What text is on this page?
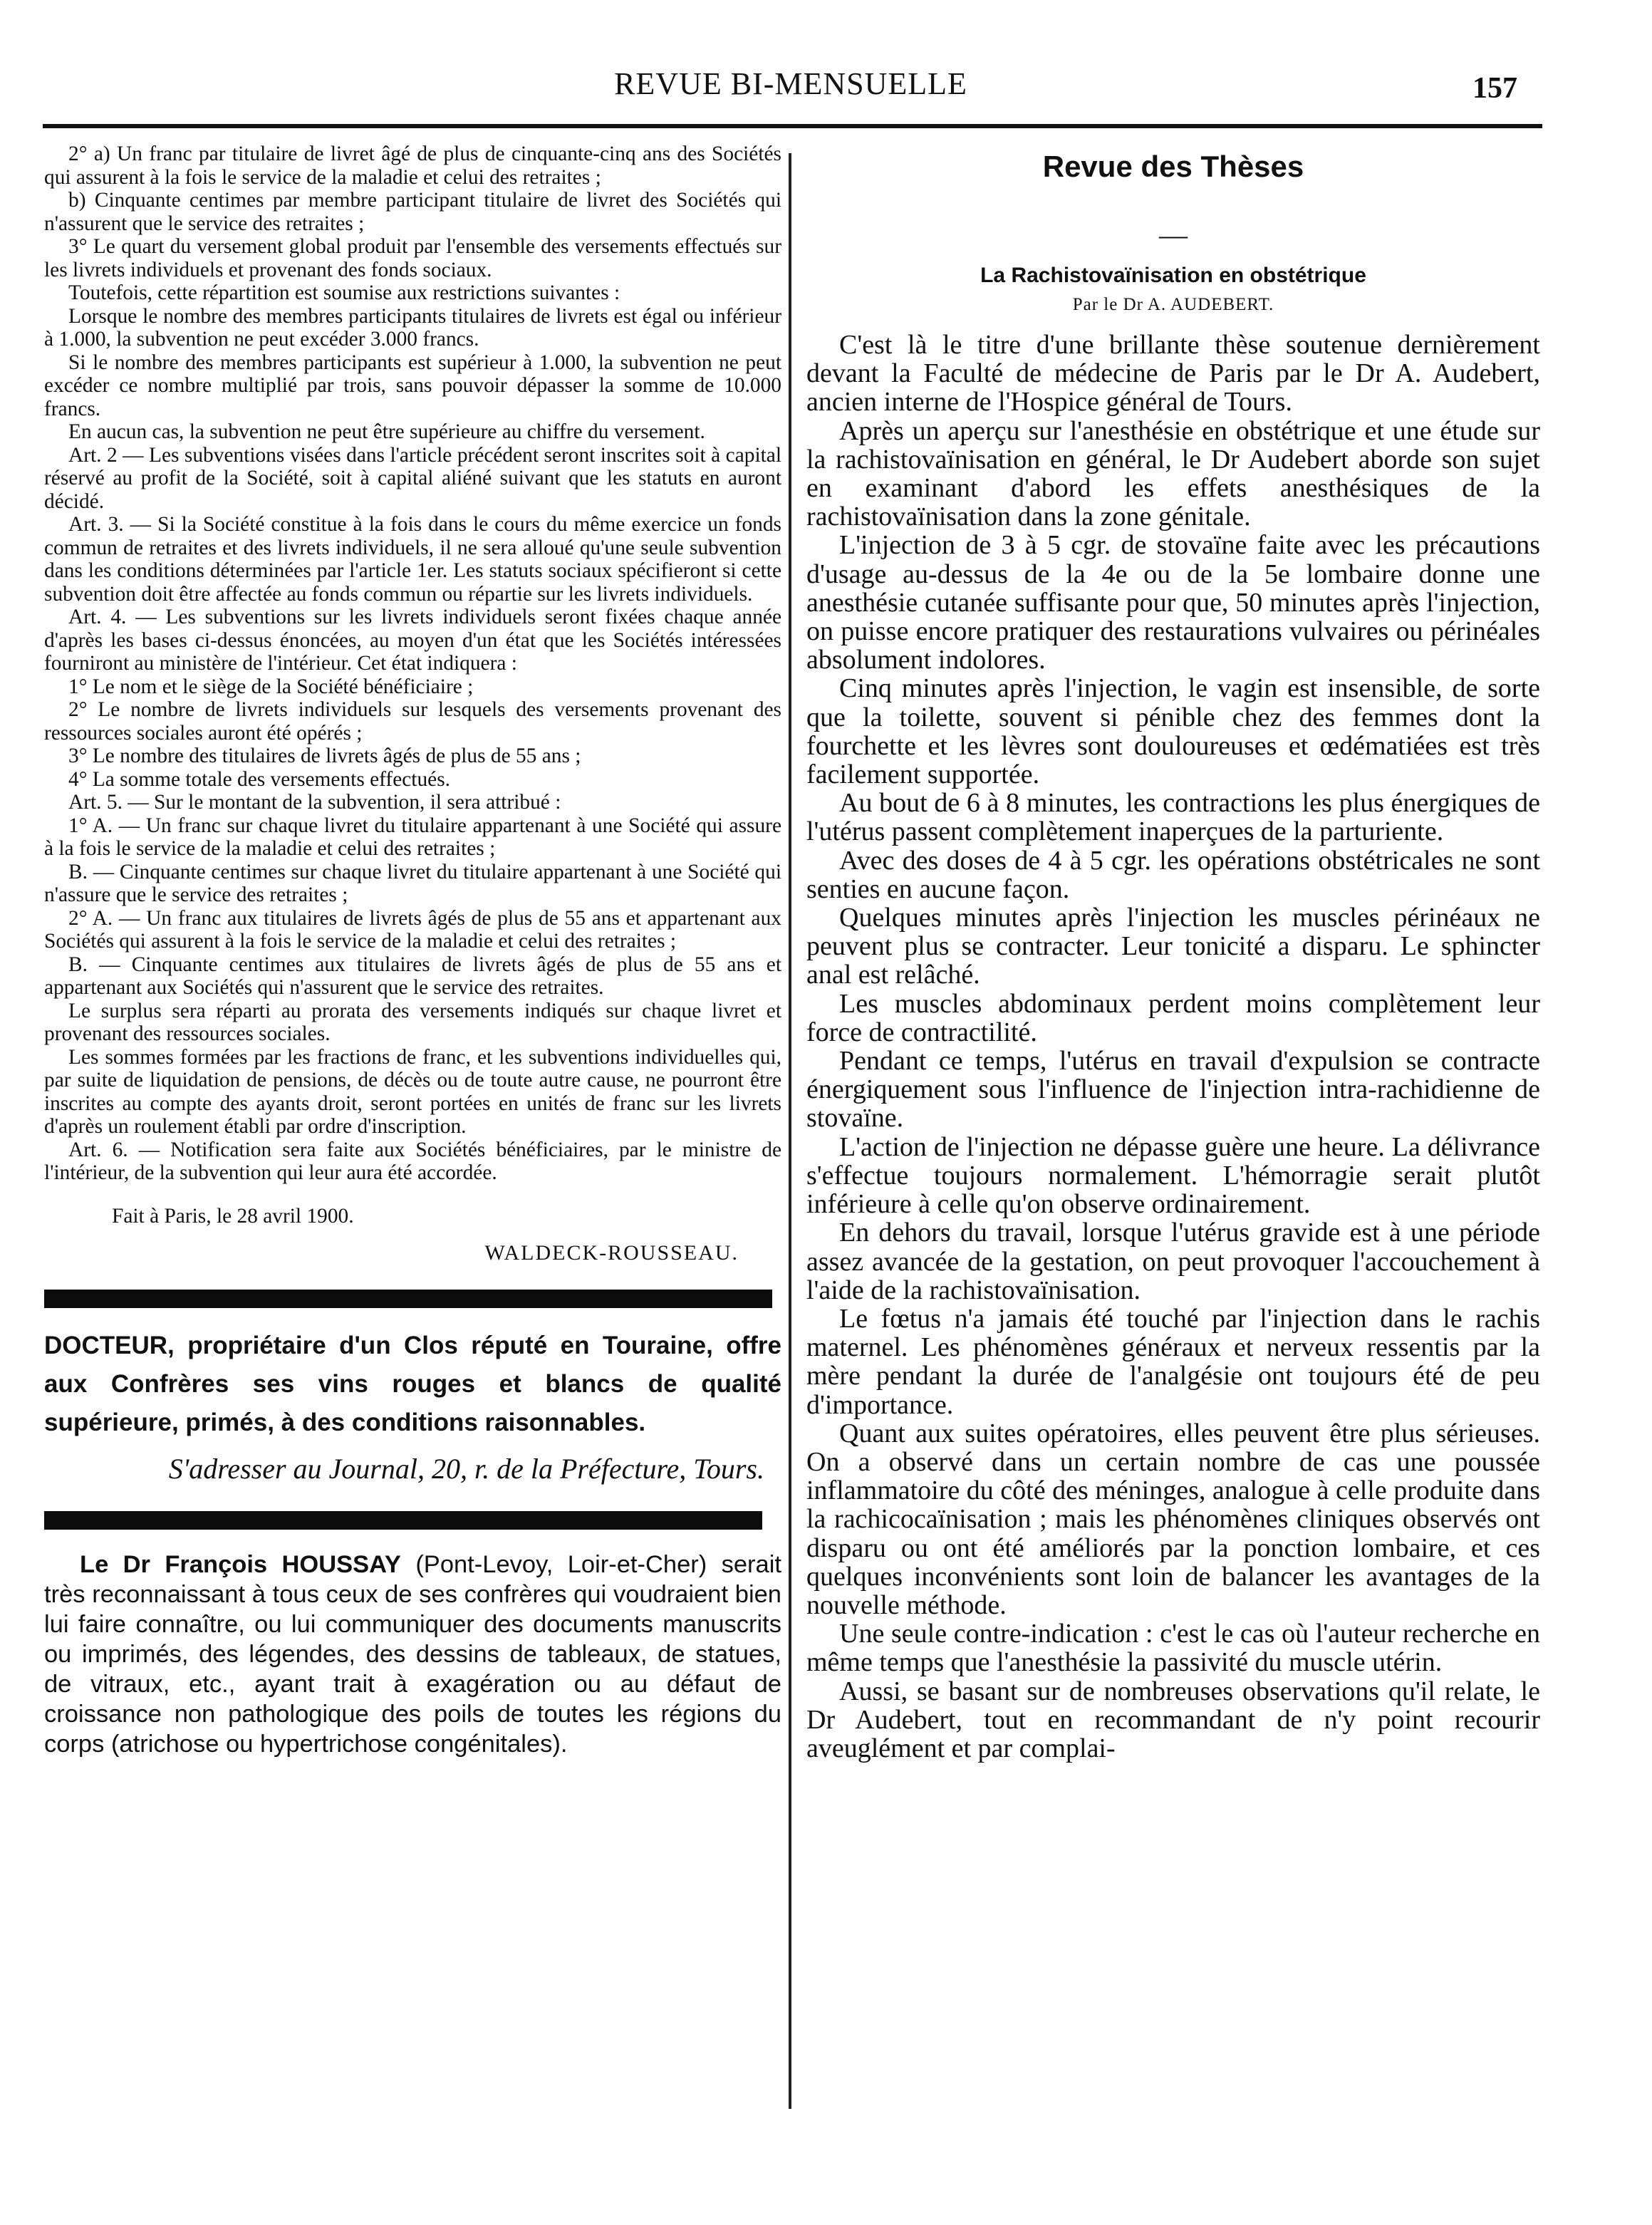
REVUE BI-MENSUELLE	157

2° a) Un franc par titulaire de livret âgé de plus de cinquante-cinq ans des Sociétés qui assurent à la fois le service de la maladie et celui des retraites ;

b) Cinquante centimes par membre participant titulaire de livret des Sociétés qui n'assurent que le service des retraites ;

3° Le quart du versement global produit par l'ensemble des versements effectués sur les livrets individuels et provenant des fonds sociaux.

Toutefois, cette répartition est soumise aux restrictions suivantes :

Lorsque le nombre des membres participants titulaires de livrets est égal ou inférieur à 1.000, la subvention ne peut excéder 3.000 francs.

Si le nombre des membres participants est supérieur à 1.000, la subvention ne peut excéder ce nombre multiplié par trois, sans pouvoir dépasser la somme de 10.000 francs.

En aucun cas, la subvention ne peut être supérieure au chiffre du versement.

Art. 2 — Les subventions visées dans l'article précédent seront inscrites soit à capital réservé au profit de la Société, soit à capital aliéné suivant que les statuts en auront décidé.

Art. 3. — Si la Société constitue à la fois dans le cours du même exercice un fonds commun de retraites et des livrets individuels, il ne sera alloué qu'une seule subvention dans les conditions déterminées par l'article 1er. Les statuts sociaux spécifieront si cette subvention doit être affectée au fonds commun ou répartie sur les livrets individuels.

Art. 4. — Les subventions sur les livrets individuels seront fixées chaque année d'après les bases ci-dessus énoncées, au moyen d'un état que les Sociétés intéressées fourniront au ministère de l'intérieur. Cet état indiquera :

1° Le nom et le siège de la Société bénéficiaire ;

2° Le nombre de livrets individuels sur lesquels des versements provenant des ressources sociales auront été opérés ;

3° Le nombre des titulaires de livrets âgés de plus de 55 ans ;

4° La somme totale des versements effectués.

Art. 5. — Sur le montant de la subvention, il sera attribué :

1° A. — Un franc sur chaque livret du titulaire appartenant à une Société qui assure à la fois le service de la maladie et celui des retraites ;

B. — Cinquante centimes sur chaque livret du titulaire appartenant à une Société qui n'assure que le service des retraites ;

2° A. — Un franc aux titulaires de livrets âgés de plus de 55 ans et appartenant aux Sociétés qui assurent à la fois le service de la maladie et celui des retraites ;

B. — Cinquante centimes aux titulaires de livrets âgés de plus de 55 ans et appartenant aux Sociétés qui n'assurent que le service des retraites.

Le surplus sera réparti au prorata des versements indiqués sur chaque livret et provenant des ressources sociales.

Les sommes formées par les fractions de franc, et les subventions individuelles qui, par suite de liquidation de pensions, de décès ou de toute autre cause, ne pourront être inscrites au compte des ayants droit, seront portées en unités de franc sur les livrets d'après un roulement établi par ordre d'inscription.

Art. 6. — Notification sera faite aux Sociétés bénéficiaires, par le ministre de l'intérieur, de la subvention qui leur aura été accordée.

Fait à Paris, le 28 avril 1900.

WALDECK-ROUSSEAU.

DOCTEUR, propriétaire d'un Clos réputé en Touraine, offre aux Confrères ses vins rouges et blancs de qualité supérieure, primés, à des conditions raisonnables.

S'adresser au Journal, 20, r. de la Préfecture, Tours.

Le Dr François HOUSSAY (Pont-Levoy, Loir-et-Cher) serait très reconnaissant à tous ceux de ses confrères qui voudraient bien lui faire connaître, ou lui communiquer des documents manuscrits ou imprimés, des légendes, des dessins de tableaux, de statues, de vitraux, etc., ayant trait à exagération ou au défaut de croissance non pathologique des poils de toutes les régions du corps (atrichose ou hypertrichose congénitales).

Revue des Thèses
—
La Rachistovaïnisation en obstétrique
Par le Dr A. AUDEBERT.

C'est là le titre d'une brillante thèse soutenue dernièrement devant la Faculté de médecine de Paris par le Dr A. Audebert, ancien interne de l'Hospice général de Tours.

Après un aperçu sur l'anesthésie en obstétrique et une étude sur la rachistovaïnisation en général, le Dr Audebert aborde son sujet en examinant d'abord les effets anesthésiques de la rachistovaïnisation dans la zone génitale.

L'injection de 3 à 5 cgr. de stovaïne faite avec les précautions d'usage au-dessus de la 4e ou de la 5e lombaire donne une anesthésie cutanée suffisante pour que, 50 minutes après l'injection, on puisse encore pratiquer des restaurations vulvaires ou périnéales absolument indolores.

Cinq minutes après l'injection, le vagin est insensible, de sorte que la toilette, souvent si pénible chez des femmes dont la fourchette et les lèvres sont douloureuses et œdématiées est très facilement supportée.

Au bout de 6 à 8 minutes, les contractions les plus énergiques de l'utérus passent complètement inaperçues de la parturiente.

Avec des doses de 4 à 5 cgr. les opérations obstétricales ne sont senties en aucune façon.

Quelques minutes après l'injection les muscles périnéaux ne peuvent plus se contracter. Leur tonicité a disparu. Le sphincter anal est relâché.

Les muscles abdominaux perdent moins complètement leur force de contractilité.

Pendant ce temps, l'utérus en travail d'expulsion se contracte énergiquement sous l'influence de l'injection intra-rachidienne de stovaïne.

L'action de l'injection ne dépasse guère une heure. La délivrance s'effectue toujours normalement. L'hémorragie serait plutôt inférieure à celle qu'on observe ordinairement.

En dehors du travail, lorsque l'utérus gravide est à une période assez avancée de la gestation, on peut provoquer l'accouchement à l'aide de la rachistovaïnisation.

Le fœtus n'a jamais été touché par l'injection dans le rachis maternel. Les phénomènes généraux et nerveux ressentis par la mère pendant la durée de l'analgésie ont toujours été de peu d'importance.

Quant aux suites opératoires, elles peuvent être plus sérieuses. On a observé dans un certain nombre de cas une poussée inflammatoire du côté des méninges, analogue à celle produite dans la rachicocaïnisation ; mais les phénomènes cliniques observés ont disparu ou ont été améliorés par la ponction lombaire, et ces quelques inconvénients sont loin de balancer les avantages de la nouvelle méthode.

Une seule contre-indication : c'est le cas où l'auteur recherche en même temps que l'anesthésie la passivité du muscle utérin.

Aussi, se basant sur de nombreuses observations qu'il relate, le Dr Audebert, tout en recommandant de n'y point recourir aveuglément et par complai-
